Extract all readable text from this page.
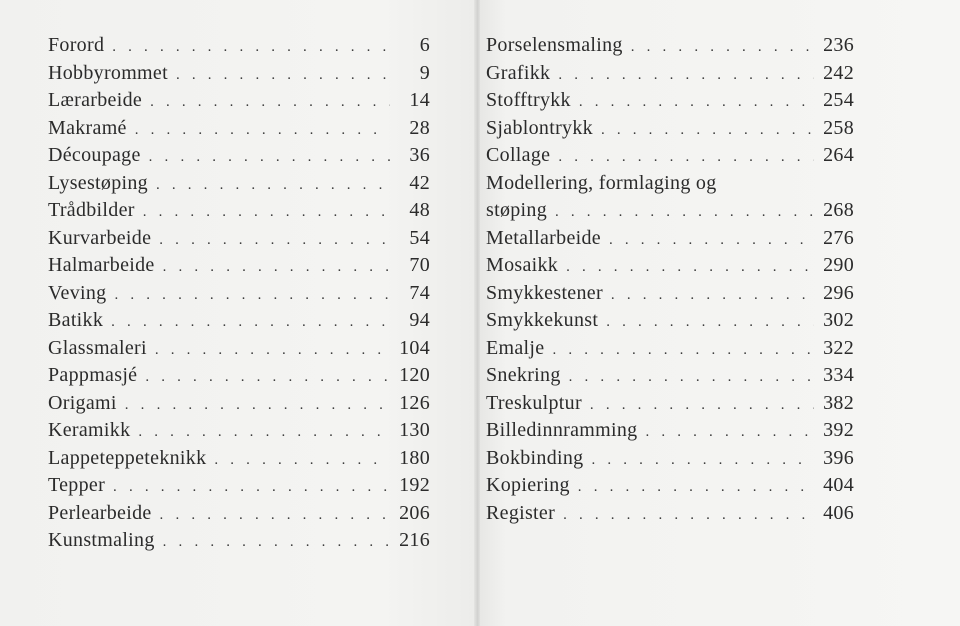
Forord . . .	6
Hobbyrommet . . .	9
Lærarbeide . . .	14
Makramé . . .	28
Découpage . . .	36
Lysestøping . . .	42
Trådbilder . . .	48
Kurvarbeide . . .	54
Halmarbeide . . .	70
Veving . . .	74
Batikk . . .	94
Glassmaleri . . .	104
Pappmasjé . . .	120
Origami . . .	126
Keramikk . . .	130
Lappeteppeteknikk . . .	180
Tepper . . .	192
Perlearbeide . . .	206
Kunstmaling . . .	216
Porselensmaling . . .	236
Grafikk . . .	242
Stofftrykk . . .	254
Sjablontrykk . . .	258
Collage . . .	264
Modellering, formlaging og
støping . . .	268
Metallarbeide . . .	276
Mosaikk . . .	290
Smykkestener . . .	296
Smykkekunst . . .	302
Emalje . . .	322
Snekring . . .	334
Treskulptur . . .	382
Billedinnramming . . .	392
Bokbinding . . .	396
Kopiering . . .	404
Register . . .	406
